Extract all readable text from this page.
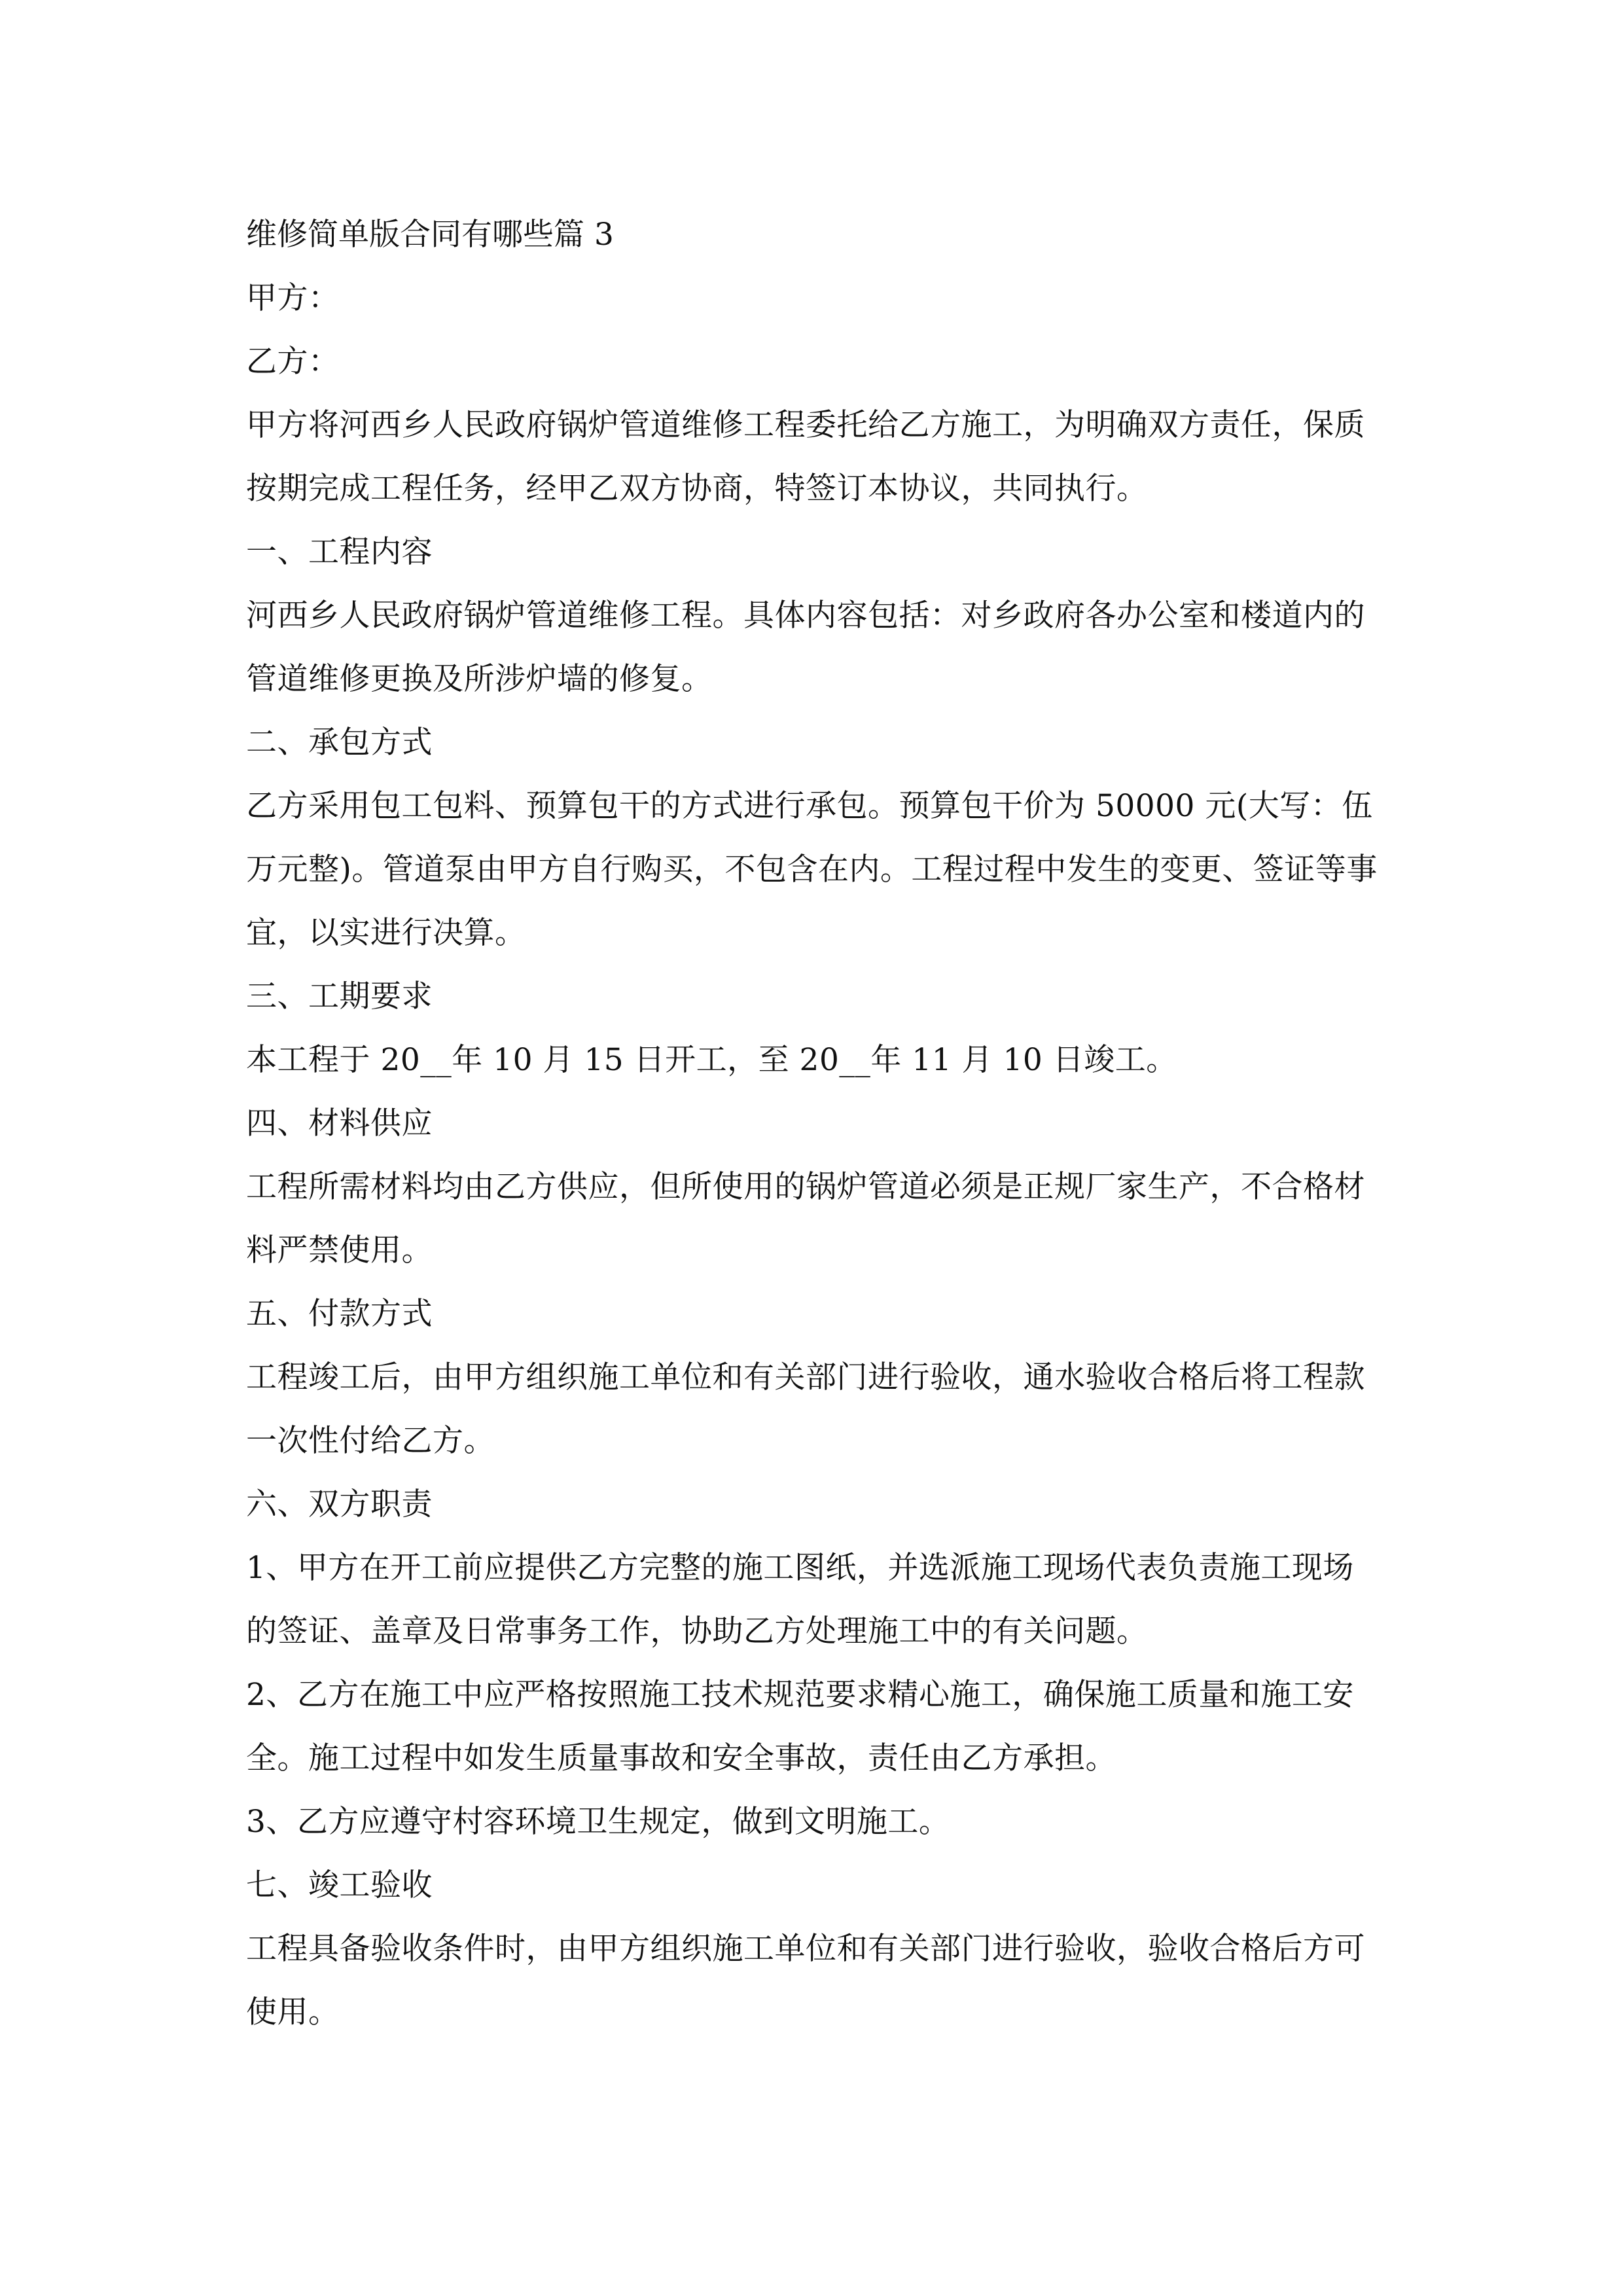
维修简单版合同有哪些篇 3

甲方：

乙方：

甲方将河西乡人民政府锅炉管道维修工程委托给乙方施工，为明确双方责任，保质按期完成工程任务，经甲乙双方协商，特签订本协议，共同执行。

一、工程内容

河西乡人民政府锅炉管道维修工程。具体内容包括：对乡政府各办公室和楼道内的管道维修更换及所涉炉墙的修复。

二、承包方式

乙方采用包工包料、预算包干的方式进行承包。预算包干价为 50000 元(大写：伍万元整)。管道泵由甲方自行购买，不包含在内。工程过程中发生的变更、签证等事宜，以实进行决算。

三、工期要求

本工程于 20__年 10 月 15 日开工，至 20__年 11 月 10 日竣工。

四、材料供应

工程所需材料均由乙方供应，但所使用的锅炉管道必须是正规厂家生产，不合格材料严禁使用。

五、付款方式

工程竣工后，由甲方组织施工单位和有关部门进行验收，通水验收合格后将工程款一次性付给乙方。

六、双方职责

1、甲方在开工前应提供乙方完整的施工图纸，并选派施工现场代表负责施工现场的签证、盖章及日常事务工作，协助乙方处理施工中的有关问题。

2、乙方在施工中应严格按照施工技术规范要求精心施工，确保施工质量和施工安全。施工过程中如发生质量事故和安全事故，责任由乙方承担。

3、乙方应遵守村容环境卫生规定，做到文明施工。

七、竣工验收

工程具备验收条件时，由甲方组织施工单位和有关部门进行验收，验收合格后方可使用。
